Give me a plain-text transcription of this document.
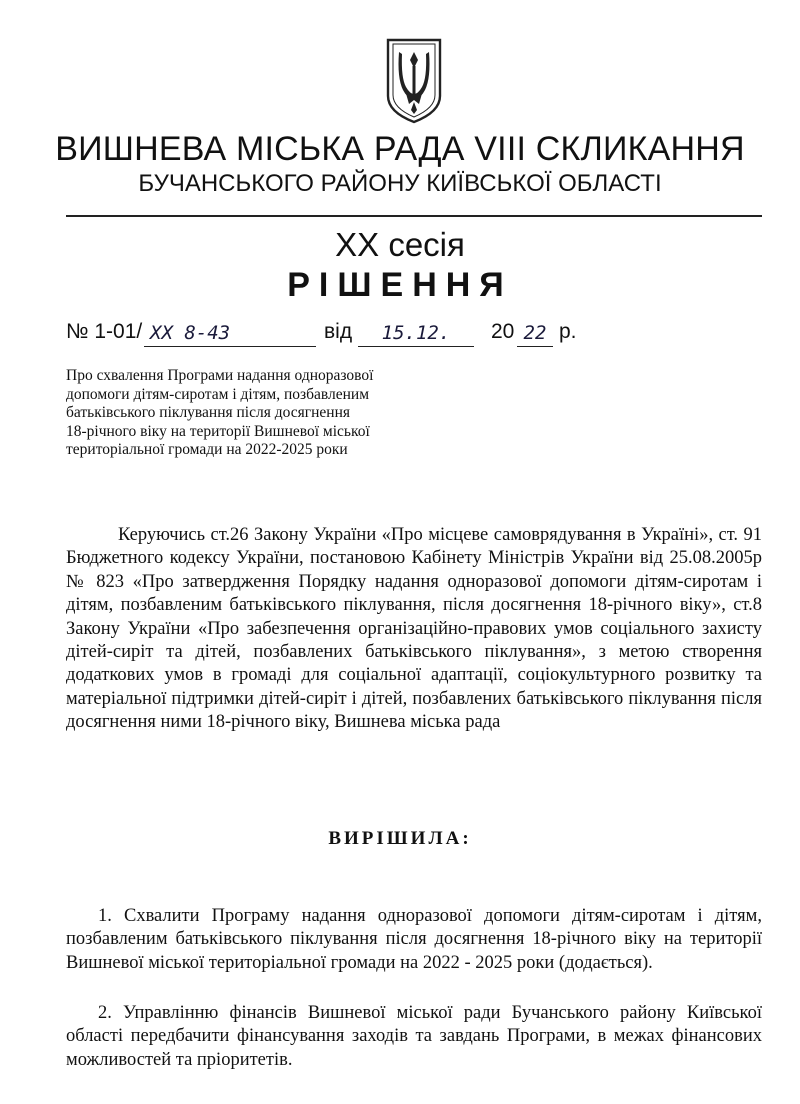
ВИШНЕВА МІСЬКА РАДА VIII СКЛИКАННЯ
БУЧАНСЬКОГО РАЙОНУ КИЇВСЬКОЇ ОБЛАСТІ
ХХ сесія
РІШЕННЯ
№ 1-01/ XX 8-43	від	15.12.	20 22 р.
Про схвалення Програми надання одноразової
допомоги дітям-сиротам і дітям, позбавленим
батьківського піклування після досягнення
18-річного віку на території Вишневої міської
територіальної громади на 2022-2025 роки
Керуючись ст.26 Закону України «Про місцеве самоврядування в Україні», ст. 91 Бюджетного кодексу України, постановою Кабінету Міністрів України від 25.08.2005р № 823 «Про затвердження Порядку надання одноразової допомоги дітям-сиротам і дітям, позбавленим батьківського піклування, після досягнення 18-річного віку», ст.8 Закону України «Про забезпечення організаційно-правових умов соціального захисту дітей-сиріт та дітей, позбавлених батьківського піклування», з метою створення додаткових умов в громаді для соціальної адаптації, соціокультурного розвитку та матеріальної підтримки дітей-сиріт і дітей, позбавлених батьківського піклування після досягнення ними 18-річного віку, Вишнева міська рада
ВИРІШИЛА:
1. Схвалити Програму надання одноразової допомоги дітям-сиротам і дітям, позбавленим батьківського піклування після досягнення 18-річного віку на території Вишневої міської територіальної громади на 2022 - 2025 роки (додається).
2. Управлінню фінансів Вишневої міської ради Бучанського району Київської області передбачити фінансування заходів та завдань Програми, в межах фінансових можливостей та пріоритетів.
